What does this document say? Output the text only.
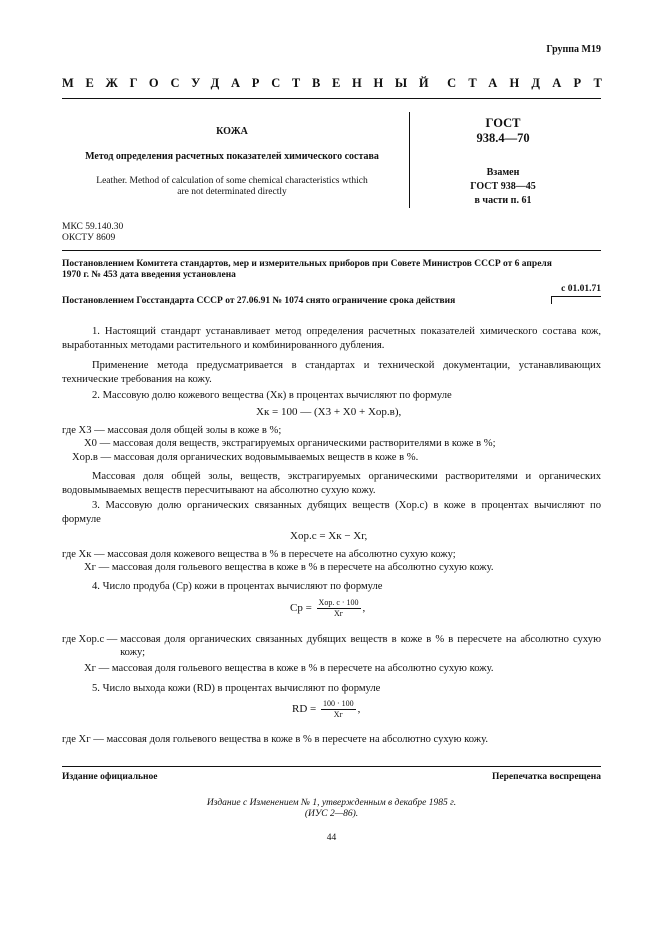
Группа М19
МЕЖГОСУДАРСТВЕННЫЙ СТАНДАРТ
КОЖА
Метод определения расчетных показателей химического состава
Leather. Method of calculation of some chemical characteristics wthich
are not determinated directly
ГОСТ
938.4—70
Взамен
ГОСТ 938—45
в части п. 61
МКС 59.140.30
ОКСТУ 8609
Постановлением Комитета стандартов, мер и измерительных приборов при Совете Министров СССР от 6 апреля
1970 г. № 453 дата введения установлена
с 01.01.71
Постановлением Госстандарта СССР от 27.06.91 № 1074 снято ограничение срока действия
1. Настоящий стандарт устанавливает метод определения расчетных показателей химического состава кож, выработанных методами растительного и комбинированного дубления.
Применение метода предусматривается в стандартах и технической документации, устанавливающих технические требования на кожу.
2. Массовую долю кожевого вещества (Xк) в процентах вычисляют по формуле
Xк = 100 — (X3 + X0 + Xор.в),
где X3 —
массовая доля общей золы в коже в %;
X0 —
массовая доля веществ, экстрагируемых органическими растворителями в коже в %;
Xор.в —
массовая доля органических водовымываемых веществ в коже в %.
Массовая доля общей золы, веществ, экстрагируемых органическими растворителями и органических водовымываемых веществ пересчитывают на абсолютно сухую кожу.
3. Массовую долю органических связанных дубящих веществ (Xор.с) в коже в процентах вычисляют по формуле
Xор.с = Xк − Xг,
где Xк —
массовая доля кожевого вещества в % в пересчете на абсолютно сухую кожу;
Xг —
массовая доля гольевого вещества в коже в % в пересчете на абсолютно сухую кожу.
4. Число продуба (Cp) кожи в процентах вычисляют по формуле
$Cp = \frac{\text{Xор. с · 100}}{Xг}$ ,
где Xор.с —
массовая доля органических связанных дубящих веществ в коже в % в пересчете на абсолютно сухую кожу;
Xг —
массовая доля гольевого вещества в коже в % в пересчете на абсолютно сухую кожу.
5. Число выхода кожи (RD) в процентах вычисляют по формуле
RD = $\frac{100 \cdot 100}{Xг}$ ,
где Xг —
массовая доля гольевого вещества в коже в % в пересчете на абсолютно сухую кожу.
Издание официальное	Перепечатка воспрещена
Издание с Изменением № 1, утвержденным в декабре 1985 г.
(ИУС 2—86).
44
